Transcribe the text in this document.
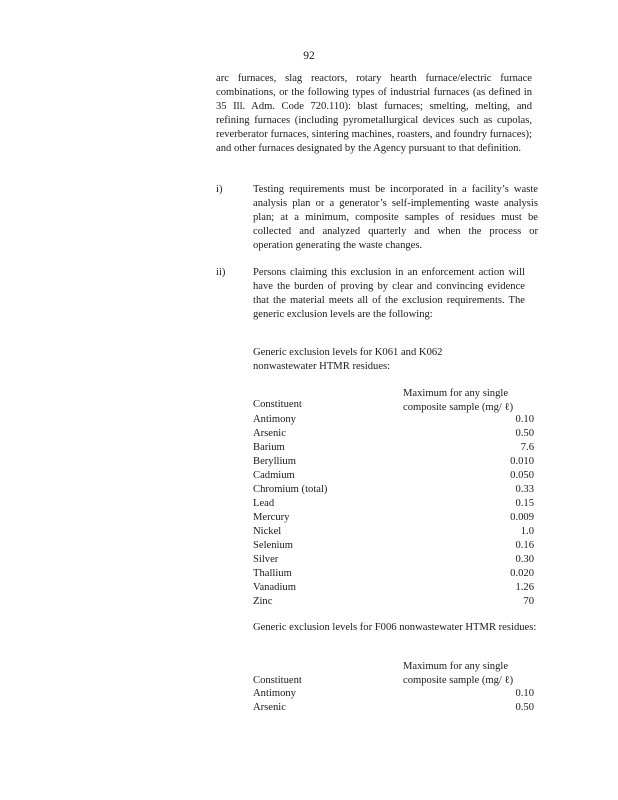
92
arc furnaces, slag reactors, rotary hearth furnace/electric furnace combinations, or the following types of industrial furnaces (as defined in 35 Ill. Adm. Code 720.110): blast furnaces; smelting, melting, and refining furnaces (including pyrometallurgical devices such as cupolas, reverberator furnaces, sintering machines, roasters, and foundry furnaces); and other furnaces designated by the Agency pursuant to that definition.
i)	Testing requirements must be incorporated in a facility’s waste analysis plan or a generator’s self-implementing waste analysis plan; at a minimum, composite samples of residues must be collected and analyzed quarterly and when the process or operation generating the waste changes.
ii)	Persons claiming this exclusion in an enforcement action will have the burden of proving by clear and convincing evidence that the material meets all of the exclusion requirements. The generic exclusion levels are the following:
Generic exclusion levels for K061 and K062 nonwastewater HTMR residues:
Maximum for any single
composite sample (mg/ ℓ)
Constituent
Antimony	0.10
Arsenic	0.50
Barium	7.6
Beryllium	0.010
Cadmium	0.050
Chromium (total)	0.33
Lead	0.15
Mercury	0.009
Nickel	1.0
Selenium	0.16
Silver	0.30
Thallium	0.020
Vanadium	1.26
Zinc	70
Generic exclusion levels for F006 nonwastewater HTMR residues:
Maximum for any single
composite sample (mg/ ℓ)
Constituent
Antimony	0.10
Arsenic	0.50
